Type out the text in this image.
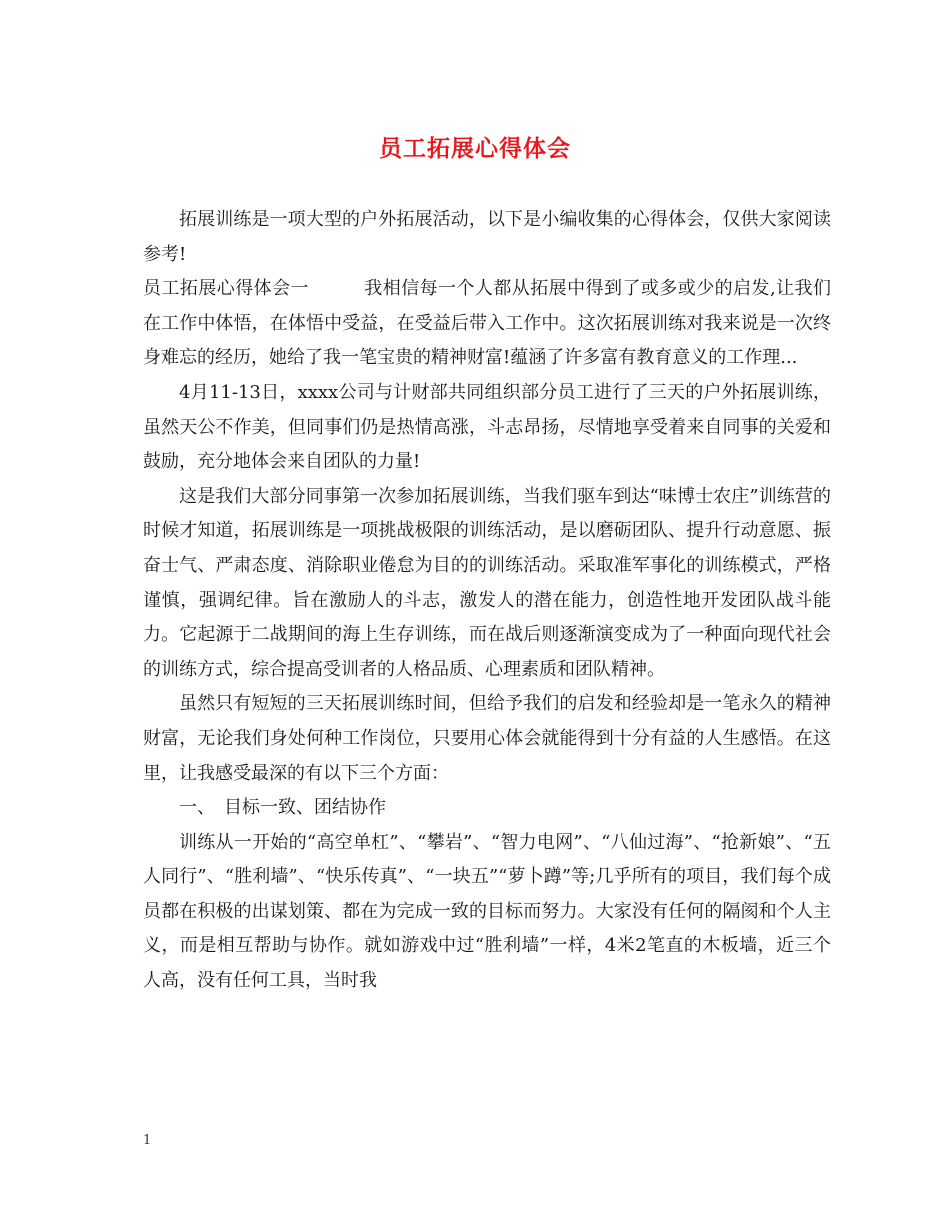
员工拓展心得体会

拓展训练是一项大型的户外拓展活动，以下是小编收集的心得体会，仅供大家阅读参考!

员工拓展心得体会一　　　我相信每一个人都从拓展中得到了或多或少的启发,让我们在工作中体悟，在体悟中受益，在受益后带入工作中。这次拓展训练对我来说是一次终身难忘的经历，她给了我一笔宝贵的精神财富!蕴涵了许多富有教育意义的工作理...

4月11-13日，xxxx公司与计财部共同组织部分员工进行了三天的户外拓展训练，虽然天公不作美，但同事们仍是热情高涨，斗志昂扬，尽情地享受着来自同事的关爱和鼓励，充分地体会来自团队的力量!

这是我们大部分同事第一次参加拓展训练，当我们驱车到达“味博士农庄”训练营的时候才知道，拓展训练是一项挑战极限的训练活动，是以磨砺团队、提升行动意愿、振奋士气、严肃态度、消除职业倦怠为目的的训练活动。采取准军事化的训练模式，严格谨慎，强调纪律。旨在激励人的斗志，激发人的潜在能力，创造性地开发团队战斗能力。它起源于二战期间的海上生存训练，而在战后则逐渐演变成为了一种面向现代社会的训练方式，综合提高受训者的人格品质、心理素质和团队精神。

虽然只有短短的三天拓展训练时间，但给予我们的启发和经验却是一笔永久的精神财富，无论我们身处何种工作岗位，只要用心体会就能得到十分有益的人生感悟。在这里，让我感受最深的有以下三个方面：

一、　目标一致、团结协作

训练从一开始的“高空单杠”、“攀岩”、“智力电网”、“八仙过海”、“抢新娘”、“五人同行”、“胜利墙”、“快乐传真”、“一块五”“萝卜蹲”等;几乎所有的项目，我们每个成员都在积极的出谋划策、都在为完成一致的目标而努力。大家没有任何的隔阂和个人主义，而是相互帮助与协作。就如游戏中过“胜利墙”一样，4米2笔直的木板墙，近三个人高，没有任何工具，当时我

1
